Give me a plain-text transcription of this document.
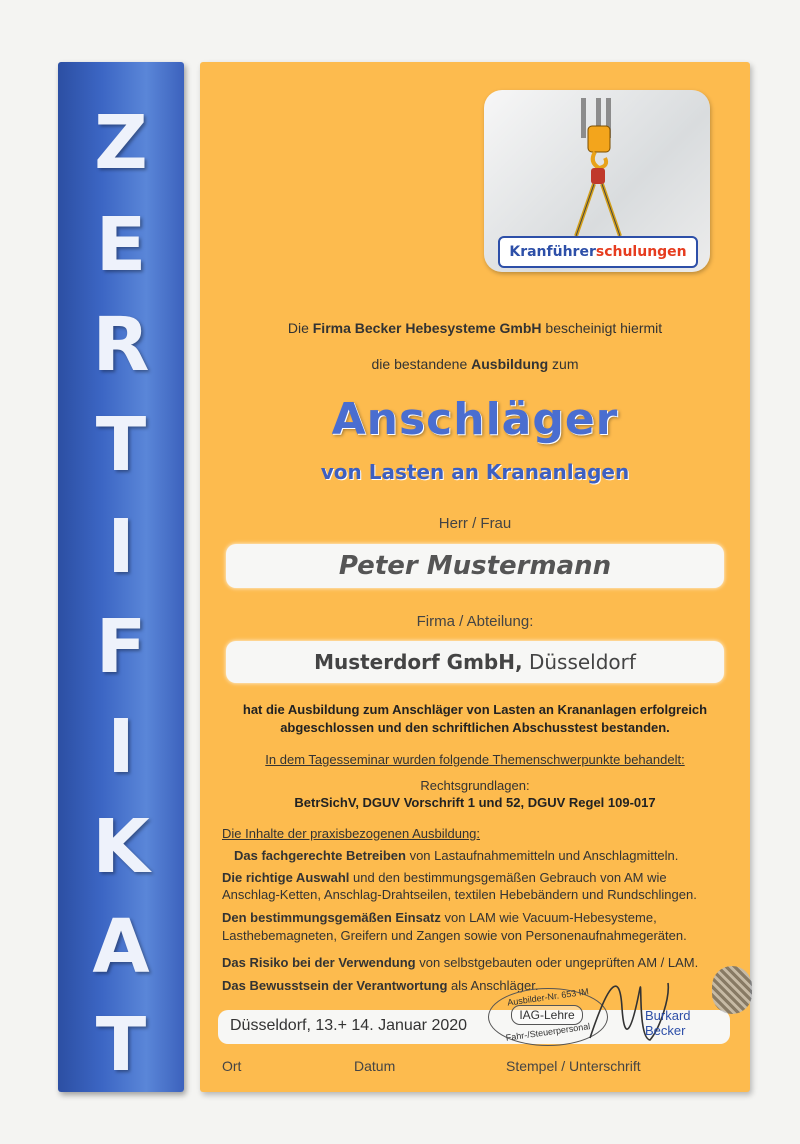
Z
E
R
T
I
F
I
K
A
T
Kranführerschulungen
Die Firma Becker Hebesysteme GmbH bescheinigt hiermit
die bestandene Ausbildung zum
Anschläger
von Lasten an Krananlagen
Herr / Frau
Peter Mustermann
Firma / Abteilung:
Musterdorf GmbH, Düsseldorf
hat die Ausbildung zum Anschläger von Lasten an Krananlagen erfolgreich
abgeschlossen und den schriftlichen Abschusstest bestanden.
In dem Tagesseminar wurden folgende Themenschwerpunkte behandelt:
Rechtsgrundlagen:
BetrSichV, DGUV Vorschrift 1 und 52, DGUV Regel 109-017
Die Inhalte der praxisbezogenen Ausbildung:
Das fachgerechte Betreiben von Lastaufnahmemitteln und Anschlagmitteln.
Die richtige Auswahl und den bestimmungsgemäßen Gebrauch von AM wie
Anschlag-Ketten, Anschlag-Drahtseilen, textilen Hebebändern und Rundschlingen.
Den bestimmungsgemäßen Einsatz von LAM wie Vacuum-Hebesysteme,
Lasthebemagneten, Greifern und Zangen sowie von Personenaufnahmegeräten.
Das Risiko bei der Verwendung von selbstgebauten oder ungeprüften AM / LAM.
Das Bewusstsein der Verantwortung als Anschläger.
Düsseldorf, 13.+ 14. Januar 2020
Ausbilder-Nr. 653 IM
IAG-Lehre
Fahr-/Steuerpersonal
Burkard
Becker
Ort	Datum	Stempel / Unterschrift
